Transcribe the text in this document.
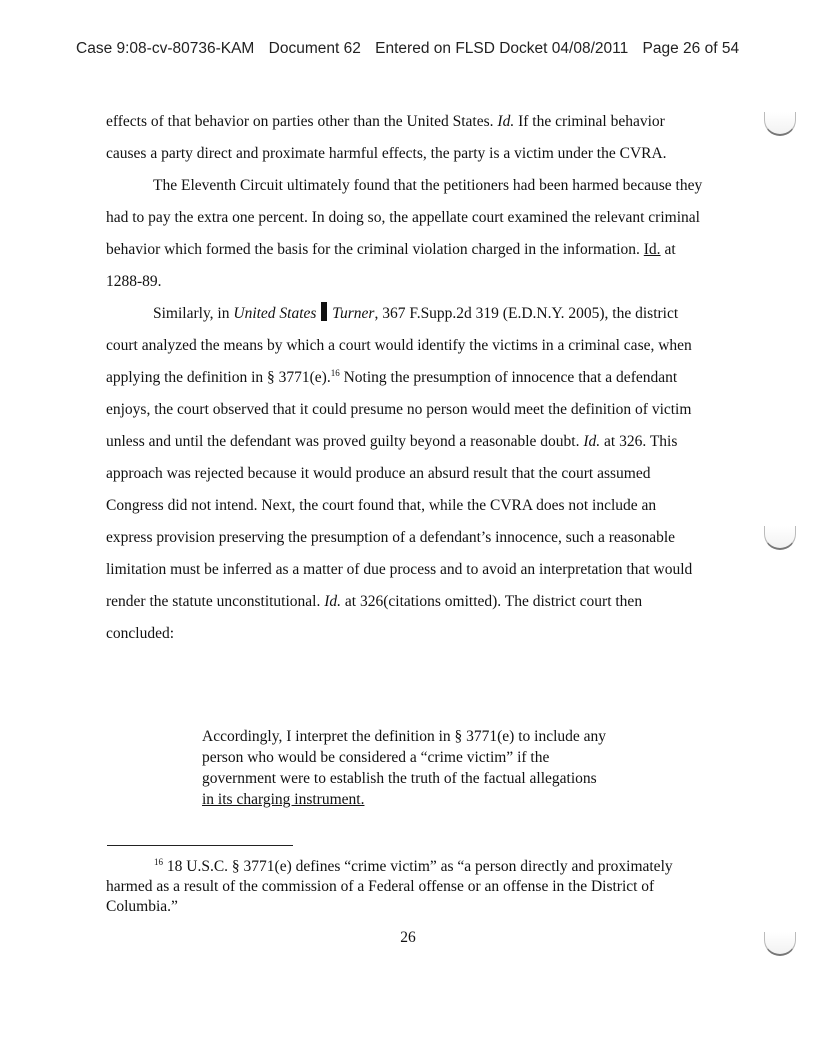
Case 9:08-cv-80736-KAM Document 62 Entered on FLSD Docket 04/08/2011 Page 26 of 54

effects of that behavior on parties other than the United States. Id. If the criminal behavior causes a party direct and proximate harmful effects, the party is a victim under the CVRA.

The Eleventh Circuit ultimately found that the petitioners had been harmed because they had to pay the extra one percent. In doing so, the appellate court examined the relevant criminal behavior which formed the basis for the criminal violation charged in the information. Id. at 1288-89.

Similarly, in United States Turner, 367 F.Supp.2d 319 (E.D.N.Y. 2005), the district court analyzed the means by which a court would identify the victims in a criminal case, when applying the definition in § 3771(e).$^{16}$ Noting the presumption of innocence that a defendant enjoys, the court observed that it could presume no person would meet the definition of victim unless and until the defendant was proved guilty beyond a reasonable doubt. Id. at 326. This approach was rejected because it would produce an absurd result that the court assumed Congress did not intend. Next, the court found that, while the CVRA does not include an express provision preserving the presumption of a defendant’s innocence, such a reasonable limitation must be inferred as a matter of due process and to avoid an interpretation that would render the statute unconstitutional. Id. at 326(citations omitted). The district court then concluded:

Accordingly, I interpret the definition in § 3771(e) to include any person who would be considered a “crime victim” if the government were to establish the truth of the factual allegations in its charging instrument.

$^{16}$ 18 U.S.C. § 3771(e) defines “crime victim” as “a person directly and proximately harmed as a result of the commission of a Federal offense or an offense in the District of Columbia.”

26
